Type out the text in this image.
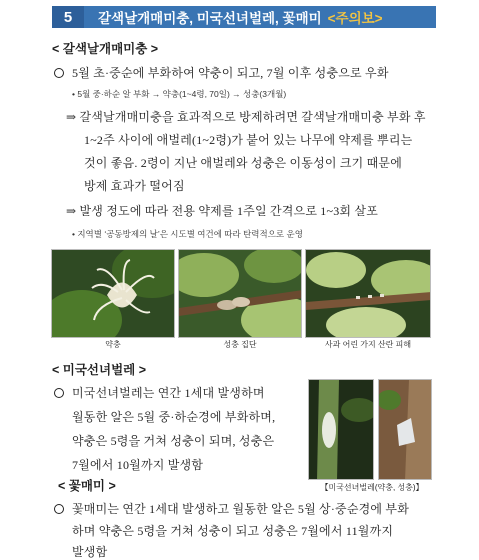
5	갈색날개매미충, 미국선녀벌레, 꽃매미 <주의보>
< 갈색날개매미충 >
5월 초·중순에 부화하여 약충이 되고, 7월 이후 성충으로 우화
• 5월 중·하순 알 부화 → 약충(1~4령, 70일) → 성충(3개월)
⇒ 갈색날개매미충을 효과적으로 방제하려면 갈색날개매미충 부화 후
1~2주 사이에 애벌레(1~2령)가 붙어 있는 나무에 약제를 뿌리는
것이 좋음. 2령이 지난 애벌레와 성충은 이동성이 크기 때문에
방제 효과가 떨어짐
⇒ 발생 정도에 따라 전용 약제를 1주일 간격으로 1~3회 살포
• 지역별 ‘공동방제의 날’은 시도별 여건에 따라 탄력적으로 운영
약충	성충 집단	사과 어린 가지 산란 피해
< 미국선녀벌레 >
미국선녀벌레는 연간 1세대 발생하며
월동한 알은 5월 중·하순경에 부화하며,
약충은 5령을 거쳐 성충이 되며, 성충은
7월에서 10월까지 발생함
【미국선녀벌레(약충, 성충)】
< 꽃매미 >
꽃매미는 연간 1세대 발생하고 월동한 알은 5월 상·중순경에 부화
하며 약충은 5령을 거쳐 성충이 되고 성충은 7월에서 11월까지
발생함
